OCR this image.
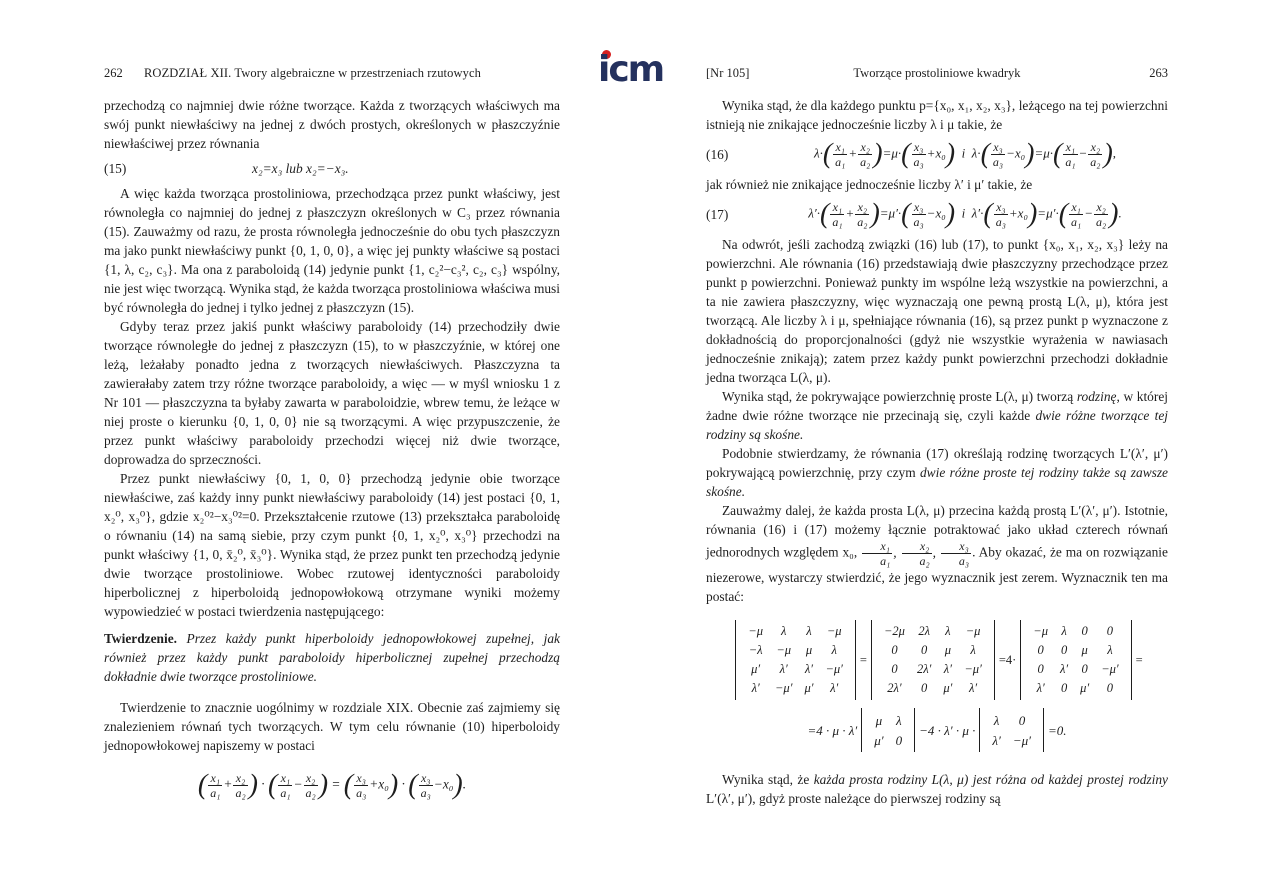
icm
262 ROZDZIAŁ XII. Twory algebraiczne w przestrzeniach rzutowych

przechodzą co najmniej dwie różne tworzące. Każda z tworzących właściwych ma swój punkt niewłaściwy na jednej z dwóch prostych, określonych w płaszczyźnie niewłaściwej przez równania

(15)	x₂=x₃ lub x₂=−x₃.

A więc każda tworząca prostoliniowa, przechodząca przez punkt właściwy, jest równoległa co najmniej do jednej z płaszczyzn określonych w C₃ przez równania (15). Zauważmy od razu, że prosta równoległa jednocześnie do obu tych płaszczyzn ma jako punkt niewłaściwy punkt {0, 1, 0, 0}, a więc jej punkty właściwe są postaci {1, λ, c₂, c₃}. Ma ona z paraboloidą (14) jedynie punkt {1, c₂²−c₃², c₂, c₃} wspólny, nie jest więc tworzącą. Wynika stąd, że każda tworząca prostoliniowa właściwa musi być równoległa do jednej i tylko jednej z płaszczyzn (15).

Gdyby teraz przez jakiś punkt właściwy paraboloidy (14) przechodziły dwie tworzące równoległe do jednej z płaszczyzn (15), to w płaszczyźnie, w której one leżą, leżałaby ponadto jedna z tworzących niewłaściwych. Płaszczyzna ta zawierałaby zatem trzy różne tworzące paraboloidy, a więc — w myśl wniosku 1 z Nr 101 — płaszczyzna ta byłaby zawarta w paraboloidzie, wbrew temu, że leżące w niej proste o kierunku {0, 1, 0, 0} nie są tworzącymi. A więc przypuszczenie, że przez punkt właściwy paraboloidy przechodzi więcej niż dwie tworzące, doprowadza do sprzeczności.

Przez punkt niewłaściwy {0, 1, 0, 0} przechodzą jedynie obie tworzące niewłaściwe, zaś każdy inny punkt niewłaściwy paraboloidy (14) jest postaci {0, 1, x₂⁰, x₃⁰}, gdzie x₂⁰²−x₃⁰²=0. Przekształcenie rzutowe (13) przekształca paraboloidę o równaniu (14) na samą siebie, przy czym punkt {0, 1, x₂⁰, x₃⁰} przechodzi na punkt właściwy {1, 0, x̄₂⁰, x̄₃⁰}. Wynika stąd, że przez punkt ten przechodzą jedynie dwie tworzące prostoliniowe. Wobec rzutowej identyczności paraboloidy hiperbolicznej z hiperboloidą jednopowłokową otrzymane wyniki możemy wypowiedzieć w postaci twierdzenia następującego:

Twierdzenie. Przez każdy punkt hiperboloidy jednopowłokowej zupełnej, jak również przez każdy punkt paraboloidy hiperbolicznej zupełnej przechodzą dokładnie dwie tworzące prostoliniowe.

Twierdzenie to znacznie uogólnimy w rozdziale XIX. Obecnie zaś zajmiemy się znalezieniem równań tych tworzących. W tym celu równanie (10) hiperboloidy jednopowłokowej napiszemy w postaci

( $\frac{\text{x₁}}{\text{a₁}} + \frac{\text{x₂}}{\text{a₂}}$ ) · ( $\frac{\text{x₁}}{\text{a₁}} - \frac{\text{x₂}}{\text{a₂}}$ ) = ( $\frac{\text{x₃}}{\text{a₃}} +x_0$) · ( $\frac{\text{x₃}}{\text{a₃}} -x_0$).
[Nr 105]	Tworzące prostoliniowe kwadryk	263

Wynika stąd, że dla każdego punktu p={x₀, x₁, x₂, x₃}, leżącego na tej powierzchni istnieją nie znikające jednocześnie liczby λ i μ takie, że

(16)	$\lambda\cdot( \frac{\text{x₁}}{\text{a₁}} + \frac{\text{x₂}}{\text{a₂}} )=\mu\cdot( \frac{\text{x₃}}{\text{a₃}} +x_0)$  i  $\lambda\cdot( \frac{\text{x₃}}{\text{a₃}} -x_0)=\mu\cdot( \frac{\text{x₁}}{\text{a₁}} - \frac{\text{x₂}}{\text{a₂}}$ ),

jak również nie znikające jednocześnie liczby λ′ i μ′ takie, że

(17)	$\lambda'\cdot( \frac{\text{x₁}}{\text{a₁}} + \frac{\text{x₂}}{\text{a₂}} )=\mu'\cdot( \frac{\text{x₃}}{\text{a₃}} -x_0)$  i  $\lambda'\cdot( \frac{\text{x₃}}{\text{a₃}} +x_0)=\mu'\cdot( \frac{\text{x₁}}{\text{a₁}} - \frac{\text{x₂}}{\text{a₂}}$ ).

Na odwrót, jeśli zachodzą związki (16) lub (17), to punkt {x₀, x₁, x₂, x₃} leży na powierzchni. Ale równania (16) przedstawiają dwie płaszczyzny przechodzące przez punkt p powierzchni. Ponieważ punkty im wspólne leżą wszystkie na powierzchni, a ta nie zawiera płaszczyzny, więc wyznaczają one pewną prostą L(λ, μ), która jest tworzącą. Ale liczby λ i μ, spełniające równania (16), są przez punkt p wyznaczone z dokładnością do proporcjonalności (gdyż nie wszystkie wyrażenia w nawiasach jednocześnie znikają); zatem przez każdy punkt powierzchni przechodzi dokładnie jedna tworząca L(λ, μ).

Wynika stąd, że pokrywające powierzchnię proste L(λ, μ) tworzą rodzinę, w której żadne dwie różne tworzące nie przecinają się, czyli każde dwie różne tworzące tej rodziny są skośne.

Podobnie stwierdzamy, że równania (17) określają rodzinę tworzących L′(λ′, μ′) pokrywającą powierzchnię, przy czym dwie różne proste tej rodziny także są zawsze skośne.

Zauważmy dalej, że każda prosta L(λ, μ) przecina każdą prostą L′(λ′, μ′). Istotnie, równania (16) i (17) możemy łącznie potraktować jako układ czterech równań jednorodnych względem x₀, $\frac{\text{x₁}}{\text{a₁}}$ , $\frac{\text{x₂}}{\text{a₂}}$ , $\frac{\text{x₃}}{\text{a₃}}$ . Aby okazać, że ma on rozwiązanie niezerowe, wystarczy stwierdzić, że jego wyznacznik jest zerem. Wyznacznik ten ma postać:

−μ	λ	λ	−μ
−λ	−μ	μ	λ
μ′	λ′	λ′	−μ′
λ′	−μ′	μ′	λ′
=
−2μ	2λ	λ	−μ
0	0	μ	λ
0	2λ′	λ′	−μ′
2λ′	0	μ′	λ′
=4·
−μ	λ	0	0
0	0	μ	λ
0	λ′	0	−μ′
λ′	0	μ′	0
=
=4 · μ · λ′
μ	λ
μ′	0
−4 · λ′ · μ ·
λ	0
λ′	−μ′
=0.

Wynika stąd, że każda prosta rodziny L(λ, μ) jest różna od każdej prostej rodziny L′(λ′, μ′), gdyż proste należące do pierwszej rodziny są
